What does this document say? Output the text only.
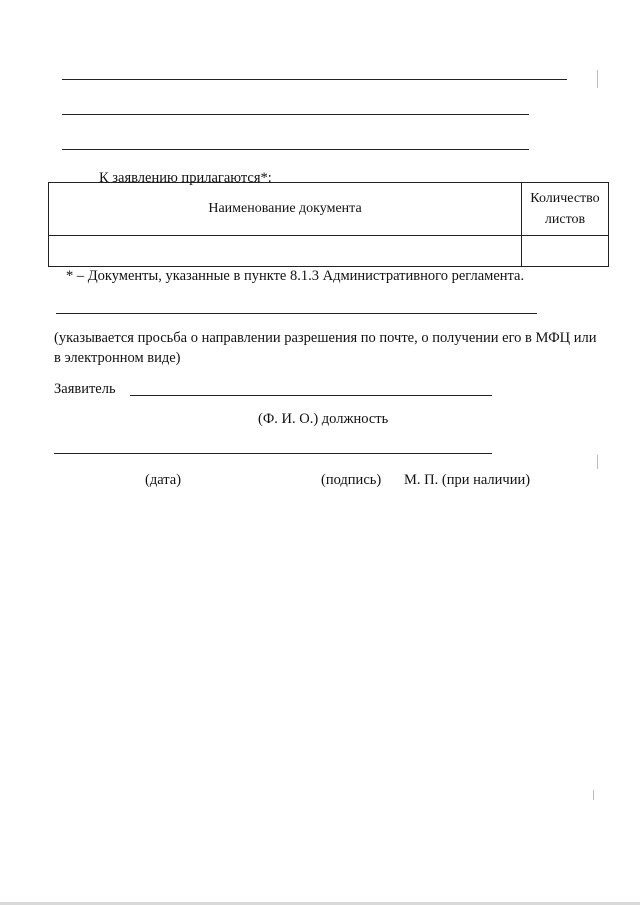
К заявлению прилагаются*:
Наименование документа	Количество
листов

* – Документы, указанные в пункте 8.1.3 Административного регламента.
(указывается просьба о направлении разрешения по почте, о получении его в МФЦ или в электронном виде)
Заявитель
(Ф. И. О.) должность
(дата)	(подпись) М. П. (при наличии)
